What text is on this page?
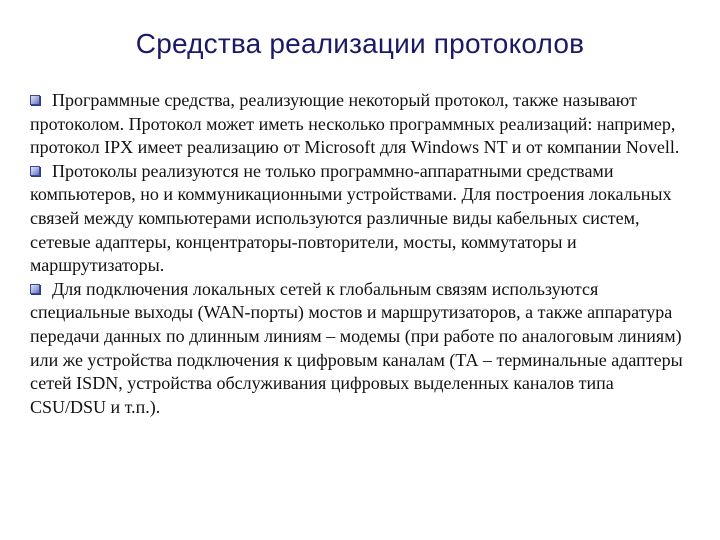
Средства реализации протоколов

Программные средства, реализующие некоторый протокол, также называют протоколом. Протокол может иметь несколько программных реализаций: например, протокол IPX имеет реализацию от Microsoft для Windows NT и от компании Novell.

Протоколы реализуются не только программно-аппаратными средствами компьютеров, но и коммуникационными устройствами. Для построения локальных связей между компьютерами используются различные виды кабельных систем, сетевые адаптеры, концентраторы-повторители, мосты, коммутаторы и маршрутизаторы.

Для подключения локальных сетей к глобальным связям используются специальные выходы (WAN-порты) мостов и маршрутизаторов, а также аппаратура передачи данных по длинным линиям – модемы (при работе по аналоговым линиям) или же устройства подключения к цифровым каналам (ТА – терминальные адаптеры сетей ISDN, устройства обслуживания цифровых выделенных каналов типа CSU/DSU и т.п.).
